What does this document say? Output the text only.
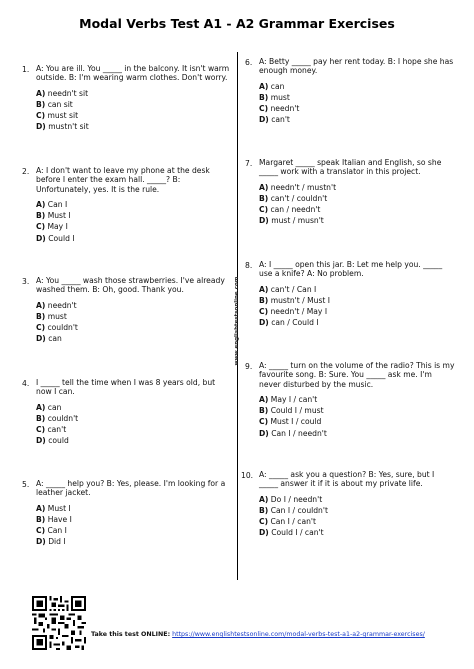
Modal Verbs Test A1 - A2 Grammar Exercises
www.englishtestsonline.com
1. A: You are ill. You _____ in the balcony. It isn't warm outside. B: I'm wearing warm clothes. Don't worry.
A) needn't sit
B) can sit
C) must sit
D) mustn't sit
2. A: I don't want to leave my phone at the desk before I enter the exam hall. _____? B: Unfortunately, yes. It is the rule.
A) Can I
B) Must I
C) May I
D) Could I
3. A: You _____ wash those strawberries. I've already washed them. B: Oh, good. Thank you.
A) needn't
B) must
C) couldn't
D) can
4. I _____ tell the time when I was 8 years old, but now I can.
A) can
B) couldn't
C) can't
D) could
5. A: _____ help you? B: Yes, please. I'm looking for a leather jacket.
A) Must I
B) Have I
C) Can I
D) Did I
6. A: Betty _____ pay her rent today. B: I hope she has enough money.
A) can
B) must
C) needn't
D) can't
7. Margaret _____ speak Italian and English, so she _____ work with a translator in this project.
A) needn't / mustn't
B) can't / couldn't
C) can / needn't
D) must / musn't
8. A: I _____ open this jar. B: Let me help you. _____ use a knife? A: No problem.
A) can't / Can I
B) mustn't / Must I
C) needn't / May I
D) can / Could I
9. A: _____ turn on the volume of the radio? This is my favourite song. B: Sure. You _____ ask me. I'm never disturbed by the music.
A) May I / can't
B) Could I / must
C) Must I / could
D) Can I / needn't
10. A: _____ ask you a question? B: Yes, sure, but I _____ answer it if it is about my private life.
A) Do I / needn't
B) Can I / couldn't
C) Can I / can't
D) Could I / can't
Take this test ONLINE: https://www.englishtestsonline.com/modal-verbs-test-a1-a2-grammar-exercises/
